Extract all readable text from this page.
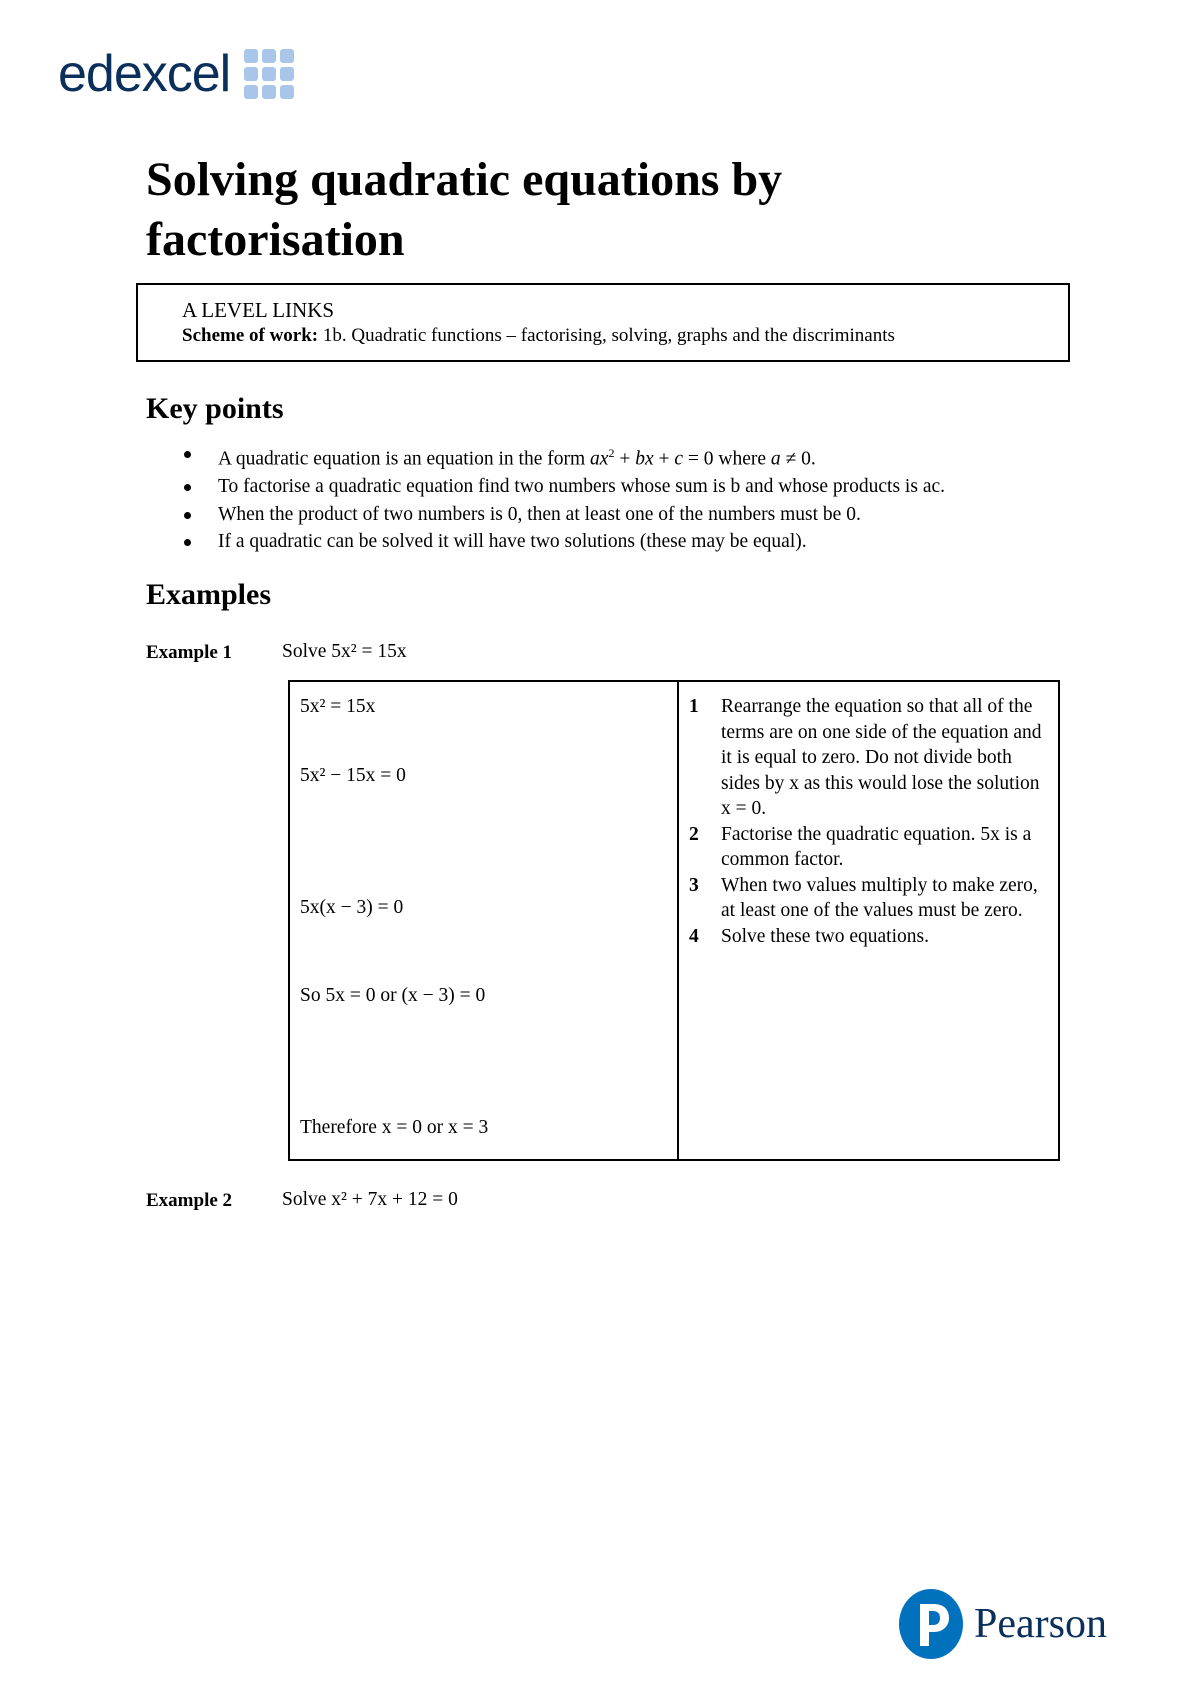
edexcel
Solving quadratic equations by factorisation
A LEVEL LINKS
Scheme of work: 1b. Quadratic functions – factorising, solving, graphs and the discriminants
Key points
A quadratic equation is an equation in the form $ax^2$ + bx + c = 0 where a ≠ 0.
To factorise a quadratic equation find two numbers whose sum is b and whose products is ac.
When the product of two numbers is 0, then at least one of the numbers must be 0.
If a quadratic can be solved it will have two solutions (these may be equal).
Examples
Example 1	Solve 5x² = 15x
5x² = 15x
5x² − 15x = 0
5x(x − 3) = 0
So 5x = 0 or (x − 3) = 0
Therefore x = 0 or x = 3
1	Rearrange the equation so that all of the terms are on one side of the equation and it is equal to zero. Do not divide both sides by x as this would lose the solution x = 0.
2	Factorise the quadratic equation. 5x is a common factor.
3	When two values multiply to make zero, at least one of the values must be zero.
4	Solve these two equations.
Example 2	Solve x² + 7x + 12 = 0
Pearson
